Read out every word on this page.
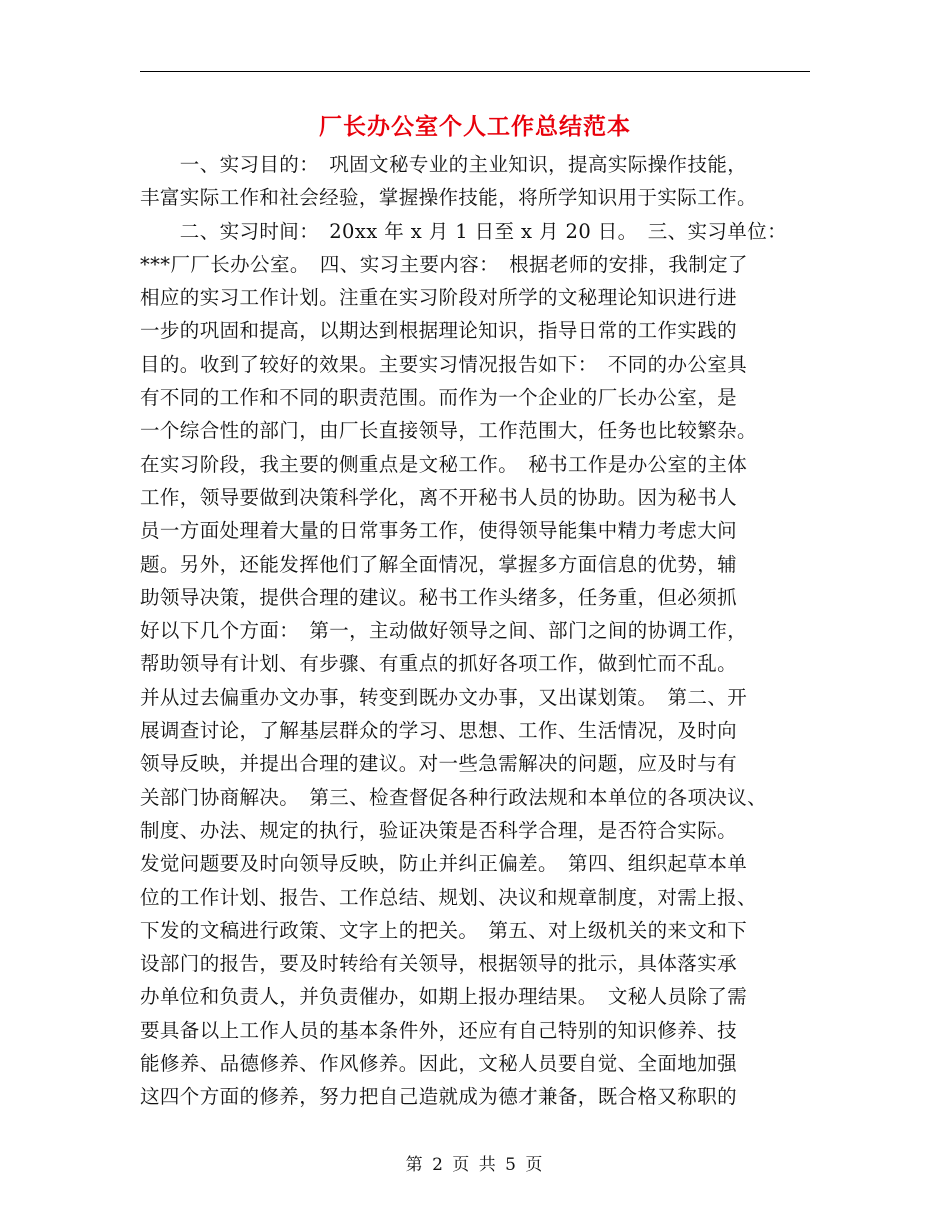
厂长办公室个人工作总结范本
　　一、实习目的：　巩固文秘专业的主业知识，提高实际操作技能，
丰富实际工作和社会经验，掌握操作技能，将所学知识用于实际工作。
　　二、实习时间：　20xx 年 x 月 1 日至 x 月 20 日。　三、实习单位：
***厂厂长办公室。　四、实习主要内容：　根据老师的安排，我制定了
相应的实习工作计划。注重在实习阶段对所学的文秘理论知识进行进
一步的巩固和提高，以期达到根据理论知识，指导日常的工作实践的
目的。收到了较好的效果。主要实习情况报告如下：　不同的办公室具
有不同的工作和不同的职责范围。而作为一个企业的厂长办公室，是
一个综合性的部门，由厂长直接领导，工作范围大，任务也比较繁杂。
在实习阶段，我主要的侧重点是文秘工作。　秘书工作是办公室的主体
工作，领导要做到决策科学化，离不开秘书人员的协助。因为秘书人
员一方面处理着大量的日常事务工作，使得领导能集中精力考虑大问
题。另外，还能发挥他们了解全面情况，掌握多方面信息的优势，辅
助领导决策，提供合理的建议。秘书工作头绪多，任务重，但必须抓
好以下几个方面：　第一，主动做好领导之间、部门之间的协调工作，
帮助领导有计划、有步骤、有重点的抓好各项工作，做到忙而不乱。
并从过去偏重办文办事，转变到既办文办事，又出谋划策。　第二、开
展调查讨论，了解基层群众的学习、思想、工作、生活情况，及时向
领导反映，并提出合理的建议。对一些急需解决的问题，应及时与有
关部门协商解决。　第三、检查督促各种行政法规和本单位的各项决议、
制度、办法、规定的执行，验证决策是否科学合理，是否符合实际。
发觉问题要及时向领导反映，防止并纠正偏差。　第四、组织起草本单
位的工作计划、报告、工作总结、规划、决议和规章制度，对需上报、
下发的文稿进行政策、文字上的把关。　第五、对上级机关的来文和下
设部门的报告，要及时转给有关领导，根据领导的批示，具体落实承
办单位和负责人，并负责催办，如期上报办理结果。　文秘人员除了需
要具备以上工作人员的基本条件外，还应有自己特别的知识修养、技
能修养、品德修养、作风修养。因此，文秘人员要自觉、全面地加强
这四个方面的修养，努力把自己造就成为德才兼备，既合格又称职的
第 2 页 共 5 页
